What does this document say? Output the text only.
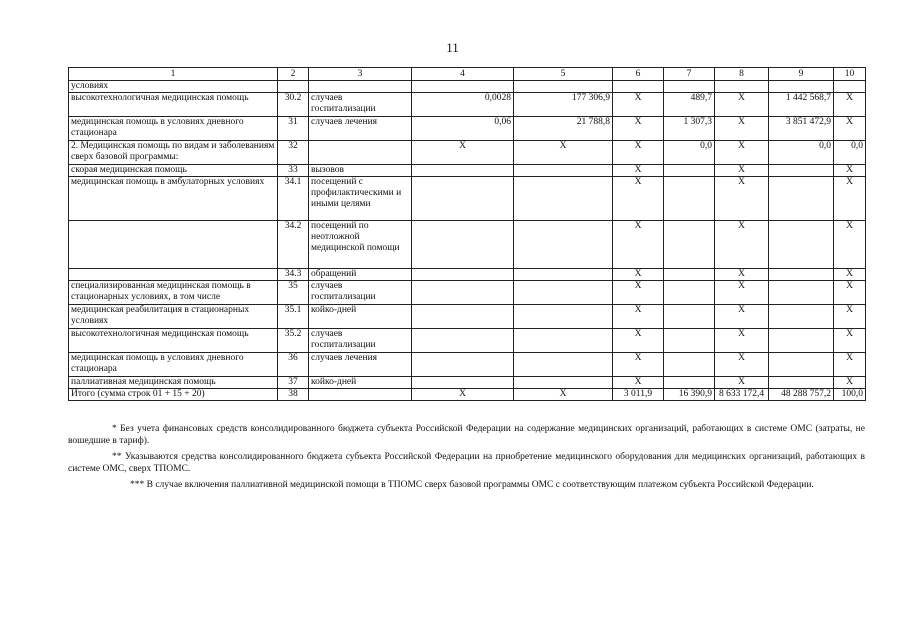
11
1	2	3	4	5	6	7	8	9	10
условиях									
высокотехнологичная медицинская помощь	30.2	случаев госпитализации	0,0028	177 306,9	Х	489,7	Х	1 442 568,7	Х
медицинская помощь в условиях дневного стационара	31	случаев лечения	0,06	21 788,8	Х	1 307,3	Х	3 851 472,9	Х
2. Медицинская помощь по видам и заболеваниям сверх базовой программы:	32		Х	Х	Х	0,0	Х	0,0	0,0
скорая медицинская помощь	33	вызовов			Х		Х		Х
медицинская помощь в амбулаторных условиях	34.1	посещений с профилактическими и иными целями			Х		Х		Х
	34.2	посещений по неотложной медицинской помощи			Х		Х		Х
	34.3	обращений			Х		Х		Х
специализированная медицинская помощь в стационарных условиях, в том числе	35	случаев госпитализации			Х		Х		Х
медицинская реабилитация в стационарных условиях	35.1	койко-дней			Х		Х		Х
высокотехнологичная медицинская помощь	35.2	случаев госпитализации			Х		Х		Х
медицинская помощь в условиях дневного стационара	36	случаев лечения			Х		Х		Х
паллиативная медицинская помощь	37	койко-дней			Х		Х		Х
Итого (сумма строк 01 + 15 + 20)	38		Х	Х	3 011,9	16 390,9	8 633 172,4	48 288 757,2	100,0

* Без учета финансовых средств консолидированного бюджета субъекта Российской Федерации на содержание медицинских организаций, работающих в системе ОМС (затраты, не вошедшие в тариф).

** Указываются средства консолидированного бюджета субъекта Российской Федерации на приобретение медицинского оборудования для медицинских организаций, работающих в системе ОМС, сверх ТПОМС.

*** В случае включения паллиативной медицинской помощи в ТПОМС сверх базовой программы ОМС с соответствующим платежом субъекта Российской Федерации.
